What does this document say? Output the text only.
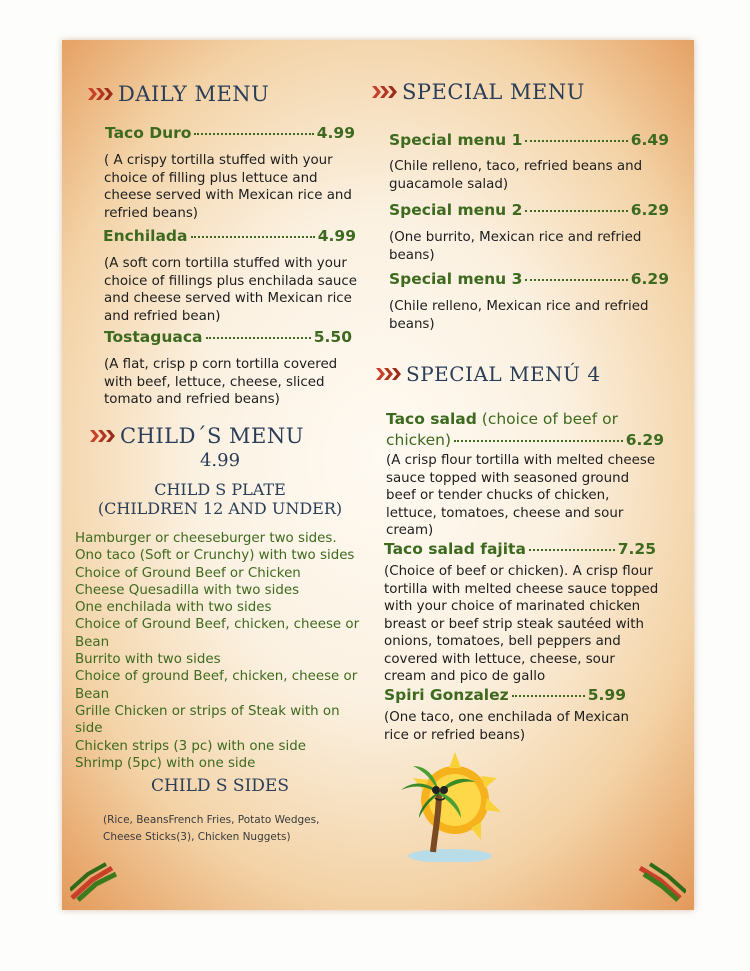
DAILY MENU
Taco Duro	4.99
( A crispy tortilla stuffed with your choice of filling plus lettuce and cheese served with Mexican rice and refried beans)
Enchilada	4.99
(A soft corn tortilla stuffed with your choice of fillings plus enchilada sauce and cheese served with Mexican rice and refried bean)
Tostaguaca	5.50
(A flat, crisp p corn tortilla covered with beef, lettuce, cheese, sliced tomato and refried beans)
CHILD´S MENU
4.99
CHILD S PLATE
(CHILDREN 12 AND UNDER)
Hamburger or cheeseburger two sides.
Ono taco (Soft or Crunchy) with two sides
Choice of Ground Beef or Chicken
Cheese Quesadilla with two sides
One enchilada with two sides
Choice of Ground Beef, chicken, cheese or
Bean
Burrito with two sides
Choice of ground Beef, chicken, cheese or
Bean
Grille Chicken or strips of Steak with on
side
Chicken strips (3 pc) with one side
Shrimp (5pc) with one side
CHILD S SIDES
(Rice, BeansFrench Fries, Potato Wedges,
Cheese Sticks(3), Chicken Nuggets)
SPECIAL MENU
Special menu 1	6.49
(Chile relleno, taco, refried beans and guacamole salad)
Special menu 2	6.29
(One burrito, Mexican rice and refried beans)
Special menu 3	6.29
(Chile relleno, Mexican rice and refried beans)
SPECIAL MENÚ 4
Taco salad (choice of beef or
chicken)	6.29
(A crisp flour tortilla with melted cheese sauce topped with seasoned ground beef or tender chucks of chicken, lettuce, tomatoes, cheese and sour cream)
Taco salad fajita	7.25
(Choice of beef or chicken). A crisp flour tortilla with melted cheese sauce topped with your choice of marinated chicken breast or beef strip steak sautéed with onions, tomatoes, bell peppers and covered with lettuce, cheese, sour cream and pico de gallo
Spiri Gonzalez	5.99
(One taco, one enchilada of Mexican rice or refried beans)
